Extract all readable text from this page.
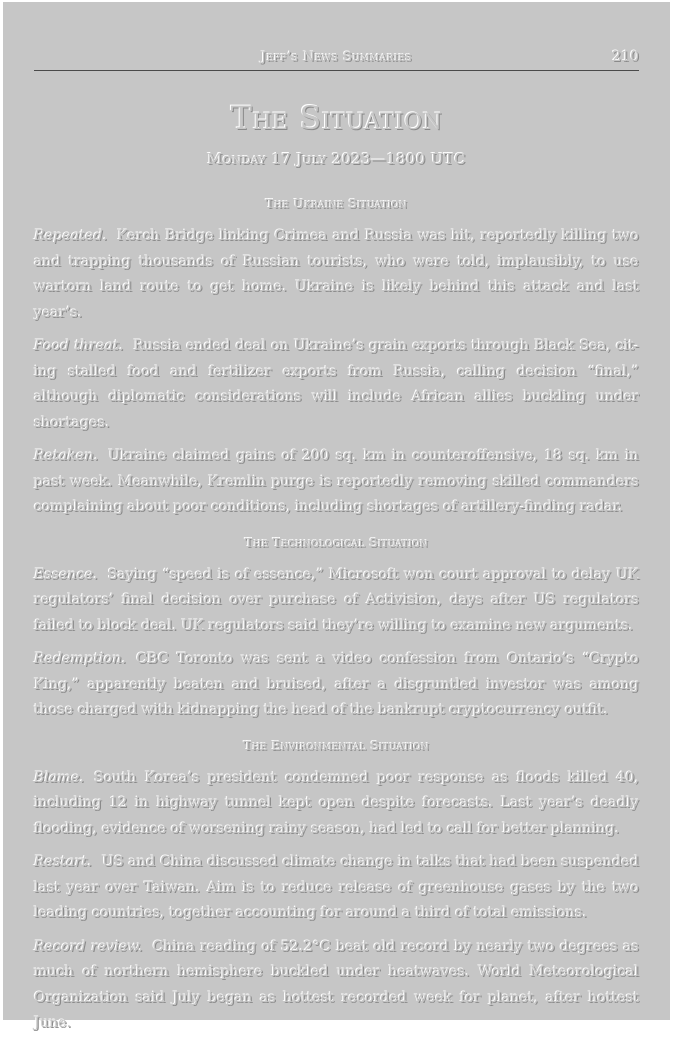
Jeff’s News Summaries	210
The Situation
Monday 17 July 2023—1800 UTC
The Ukraine Situation

Repeated. Kerch Bridge linking Crimea and Russia was hit, reportedly killing two and trapping thousands of Russian tourists, who were told, implausibly, to use wartorn land route to get home. Ukraine is likely behind this attack and last year’s.

Food threat. Russia ended deal on Ukraine’s grain exports through Black Sea, citing stalled food and fertilizer exports from Russia, calling decision “final,” although diplomatic considerations will include African allies buckling under shortages.

Retaken. Ukraine claimed gains of 200 sq. km in counteroffensive, 18 sq. km in past week. Meanwhile, Kremlin purge is reportedly removing skilled commanders complaining about poor conditions, including shortages of artillery-finding radar.

The Technological Situation

Essence. Saying “speed is of essence,” Microsoft won court approval to delay UK regulators’ final decision over purchase of Activision, days after US regulators failed to block deal. UK regulators said they’re willing to examine new arguments.

Redemption. CBC Toronto was sent a video confession from Ontario’s “Crypto King,” apparently beaten and bruised, after a disgruntled investor was among those charged with kidnapping the head of the bankrupt cryptocurrency outfit.

The Environmental Situation

Blame. South Korea’s president condemned poor response as floods killed 40, including 12 in highway tunnel kept open despite forecasts. Last year’s deadly flooding, evidence of worsening rainy season, had led to call for better planning.

Restart. US and China discussed climate change in talks that had been suspended last year over Taiwan. Aim is to reduce release of greenhouse gases by the two leading countries, together accounting for around a third of total emissions.

Record review. China reading of 52.2°C beat old record by nearly two degrees as much of northern hemisphere buckled under heatwaves. World Meteorological Organization said July began as hottest recorded week for planet, after hottest June.
